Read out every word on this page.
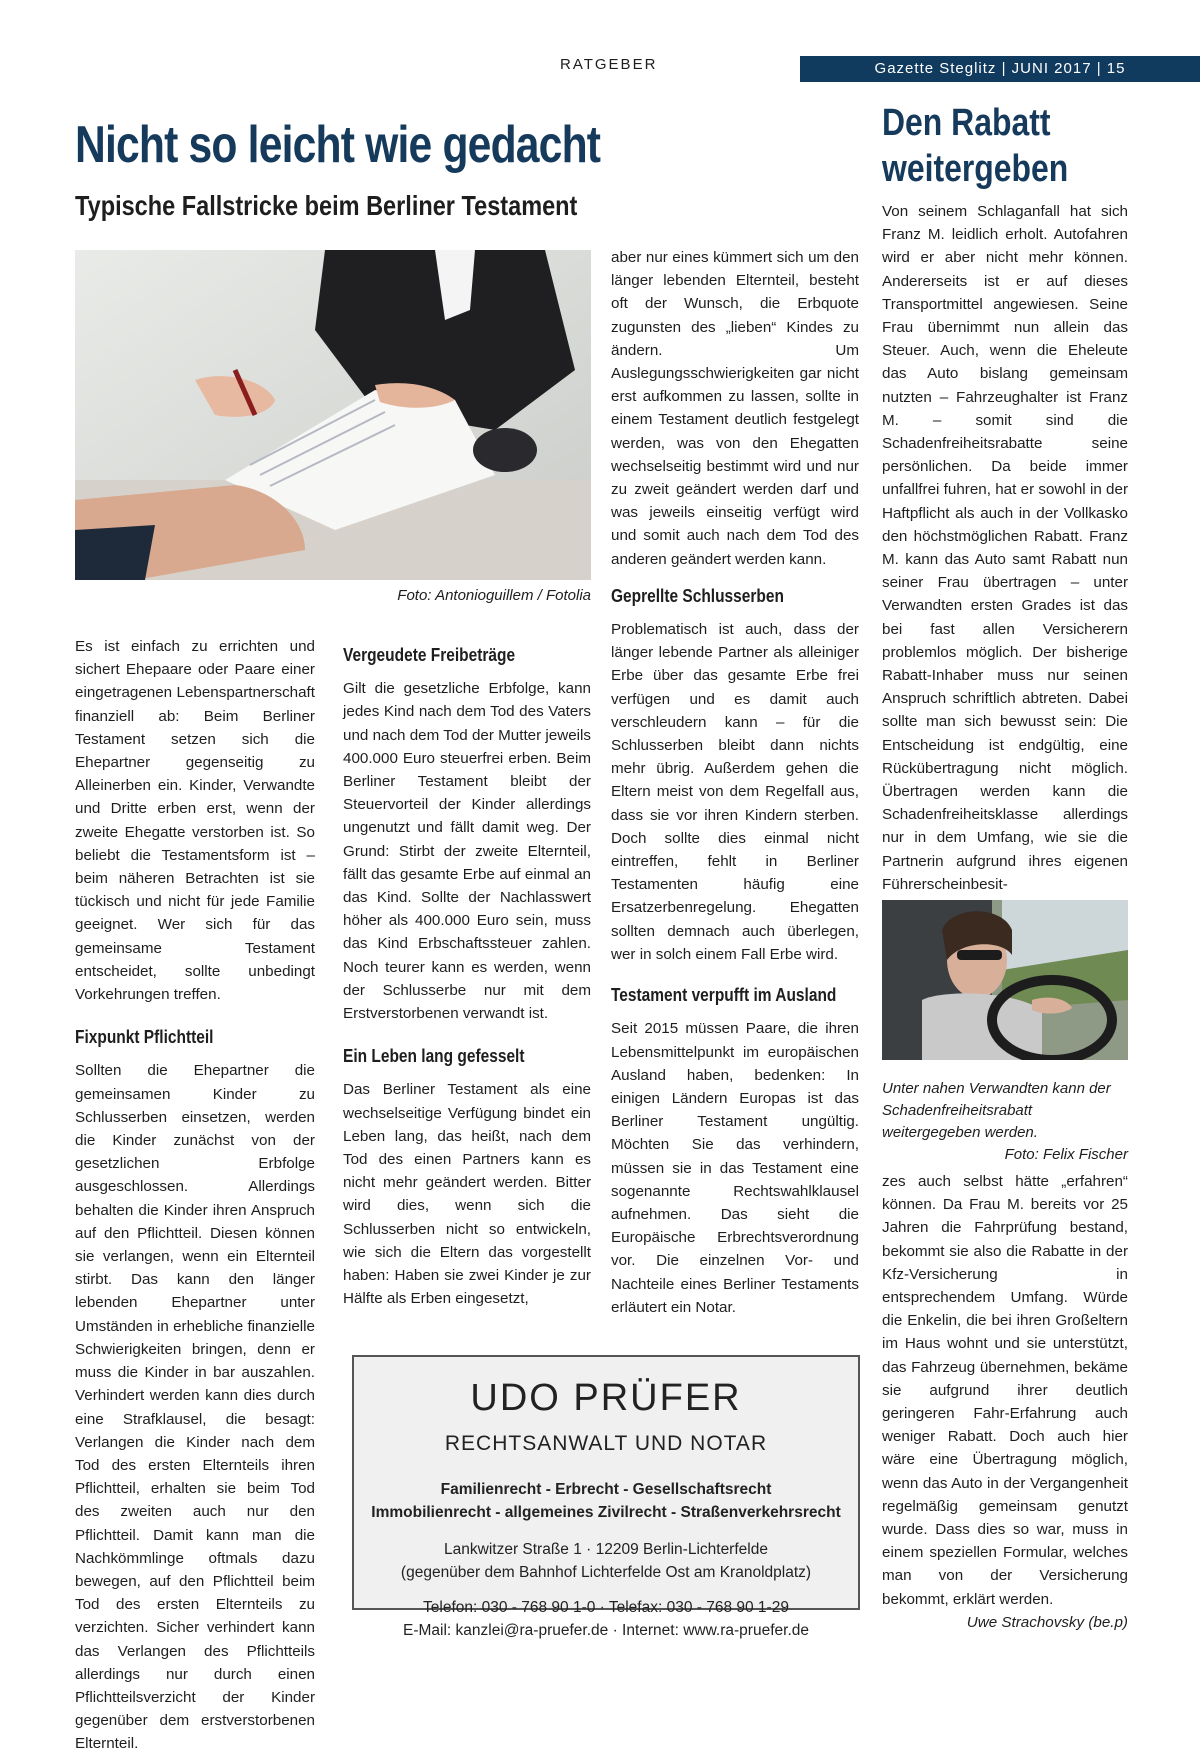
RATGEBER	Gazette Steglitz | JUNI 2017 | 15
Nicht so leicht wie gedacht
Typische Fallstricke beim Berliner Testament
Foto: Antonioguillem / Fotolia

Es ist einfach zu errichten und sichert Ehepaare oder Paare einer eingetragenen Lebenspartnerschaft finanziell ab: Beim Berliner Testament setzen sich die Ehepartner gegenseitig zu Alleinerben ein. Kinder, Verwandte und Dritte erben erst, wenn der zweite Ehegatte verstorben ist. So beliebt die Testamentsform ist – beim näheren Betrachten ist sie tückisch und nicht für jede Familie geeignet. Wer sich für das gemeinsame Testament entscheidet, sollte unbedingt Vorkehrungen treffen.

Fixpunkt Pflichtteil

Sollten die Ehepartner die gemeinsamen Kinder zu Schlusserben einsetzen, werden die Kinder zunächst von der gesetzlichen Erbfolge ausgeschlossen. Allerdings behalten die Kinder ihren Anspruch auf den Pflichtteil. Diesen können sie verlangen, wenn ein Elternteil stirbt. Das kann den länger lebenden Ehepartner unter Umständen in erhebliche finanzielle Schwierigkeiten bringen, denn er muss die Kinder in bar auszahlen. Verhindert werden kann dies durch eine Strafklausel, die besagt: Verlangen die Kinder nach dem Tod des ersten Elternteils ihren Pflichtteil, erhalten sie beim Tod des zweiten auch nur den Pflichtteil. Damit kann man die Nachkömmlinge oftmals dazu bewegen, auf den Pflichtteil beim Tod des ersten Elternteils zu verzichten. Sicher verhindert kann das Verlangen des Pflichtteils allerdings nur durch einen Pflichtteilsverzicht der Kinder gegenüber dem erstverstorbenen Elternteil.

Vergeudete Freibeträge

Gilt die gesetzliche Erbfolge, kann jedes Kind nach dem Tod des Vaters und nach dem Tod der Mutter jeweils 400.000 Euro steuerfrei erben. Beim Berliner Testament bleibt der Steuervorteil der Kinder allerdings ungenutzt und fällt damit weg. Der Grund: Stirbt der zweite Elternteil, fällt das gesamte Erbe auf einmal an das Kind. Sollte der Nachlasswert höher als 400.000 Euro sein, muss das Kind Erbschaftssteuer zahlen. Noch teurer kann es werden, wenn der Schlusserbe nur mit dem Erstverstorbenen verwandt ist.

Ein Leben lang gefesselt

Das Berliner Testament als eine wechselseitige Verfügung bindet ein Leben lang, das heißt, nach dem Tod des einen Partners kann es nicht mehr geändert werden. Bitter wird dies, wenn sich die Schlusserben nicht so entwickeln, wie sich die Eltern das vorgestellt haben: Haben sie zwei Kinder je zur Hälfte als Erben eingesetzt,

aber nur eines kümmert sich um den länger lebenden Elternteil, besteht oft der Wunsch, die Erbquote zugunsten des „lieben“ Kindes zu ändern. Um Auslegungsschwierigkeiten gar nicht erst aufkommen zu lassen, sollte in einem Testament deutlich festgelegt werden, was von den Ehegatten wechselseitig bestimmt wird und nur zu zweit geändert werden darf und was jeweils einseitig verfügt wird und somit auch nach dem Tod des anderen geändert werden kann.

Geprellte Schlusserben

Problematisch ist auch, dass der länger lebende Partner als alleiniger Erbe über das gesamte Erbe frei verfügen und es damit auch verschleudern kann – für die Schlusserben bleibt dann nichts mehr übrig. Außerdem gehen die Eltern meist von dem Regelfall aus, dass sie vor ihren Kindern sterben. Doch sollte dies einmal nicht eintreffen, fehlt in Berliner Testamenten häufig eine Ersatzerbenregelung. Ehegatten sollten demnach auch überlegen, wer in solch einem Fall Erbe wird.

Testament verpufft im Ausland

Seit 2015 müssen Paare, die ihren Lebensmittelpunkt im europäischen Ausland haben, bedenken: In einigen Ländern Europas ist das Berliner Testament ungültig. Möchten Sie das verhindern, müssen sie in das Testament eine sogenannte Rechtswahlklausel aufnehmen. Das sieht die Europäische Erbrechtsverordnung vor. Die einzelnen Vor- und Nachteile eines Berliner Testaments erläutert ein Notar.

Den Rabatt weitergeben
Von seinem Schlaganfall hat sich Franz M. leidlich erholt. Autofahren wird er aber nicht mehr können. Andererseits ist er auf dieses Transportmittel angewiesen. Seine Frau übernimmt nun allein das Steuer. Auch, wenn die Eheleute das Auto bislang gemeinsam nutzten – Fahrzeughalter ist Franz M. – somit sind die Schadenfreiheitsrabatte seine persönlichen. Da beide immer unfallfrei fuhren, hat er sowohl in der Haftpflicht als auch in der Vollkasko den höchstmöglichen Rabatt. Franz M. kann das Auto samt Rabatt nun seiner Frau übertragen – unter Verwandten ersten Grades ist das bei fast allen Versicherern problemlos möglich. Der bisherige Rabatt-Inhaber muss nur seinen Anspruch schriftlich abtreten. Dabei sollte man sich bewusst sein: Die Entscheidung ist endgültig, eine Rückübertragung nicht möglich. Übertragen werden kann die Schadenfreiheitsklasse allerdings nur in dem Umfang, wie sie die Partnerin aufgrund ihres eigenen Führerscheinbesit-
Unter nahen Verwandten kann der Schadenfreiheitsrabatt weitergegeben werden.
Foto: Felix Fischer

zes auch selbst hätte „erfahren“ können. Da Frau M. bereits vor 25 Jahren die Fahrprüfung bestand, bekommt sie also die Rabatte in der Kfz-Versicherung in entsprechendem Umfang. Würde die Enkelin, die bei ihren Großeltern im Haus wohnt und sie unterstützt, das Fahrzeug übernehmen, bekäme sie aufgrund ihrer deutlich geringeren Fahr-Erfahrung auch weniger Rabatt. Doch auch hier wäre eine Übertragung möglich, wenn das Auto in der Vergangenheit regelmäßig gemeinsam genutzt wurde. Dass dies so war, muss in einem speziellen Formular, welches man von der Versicherung bekommt, erklärt werden.

Uwe Strachovsky (be.p)
UDO PRÜFER
RECHTSANWALT UND NOTAR
Familienrecht - Erbrecht - Gesellschaftsrecht
Immobilienrecht - allgemeines Zivilrecht - Straßenverkehrsrecht
Lankwitzer Straße 1 · 12209 Berlin-Lichterfelde
(gegenüber dem Bahnhof Lichterfelde Ost am Kranoldplatz)
Telefon: 030 - 768 90 1-0 · Telefax: 030 - 768 90 1-29
E-Mail: kanzlei@ra-pruefer.de · Internet: www.ra-pruefer.de
